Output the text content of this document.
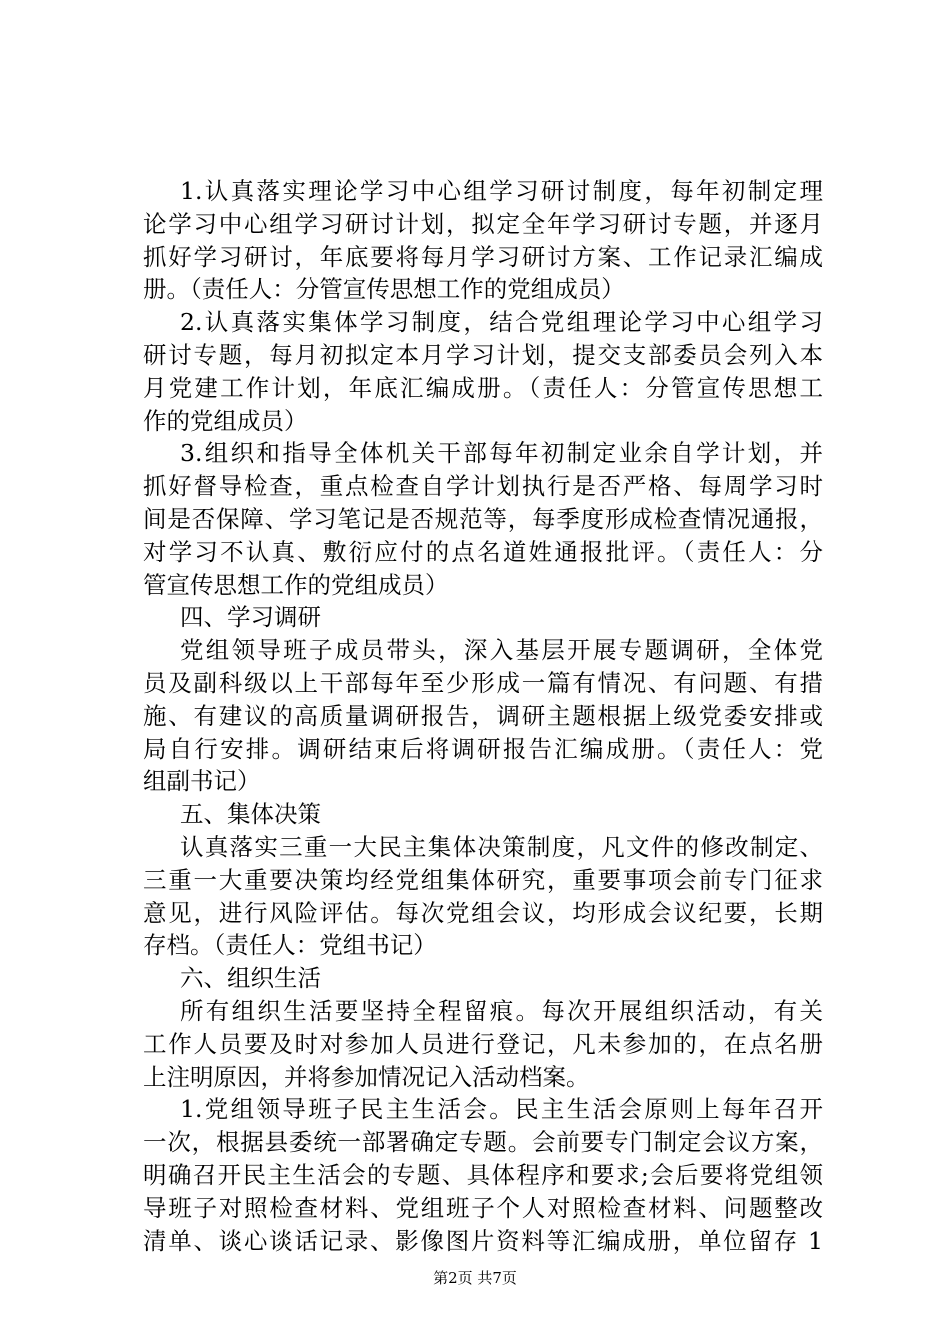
1.认真落实理论学习中心组学习研讨制度，每年初制定理
论学习中心组学习研讨计划，拟定全年学习研讨专题，并逐月
抓好学习研讨，年底要将每月学习研讨方案、工作记录汇编成
册。（责任人：分管宣传思想工作的党组成员）
2.认真落实集体学习制度，结合党组理论学习中心组学习
研讨专题，每月初拟定本月学习计划，提交支部委员会列入本
月党建工作计划，年底汇编成册。（责任人：分管宣传思想工
作的党组成员）
3.组织和指导全体机关干部每年初制定业余自学计划，并
抓好督导检查，重点检查自学计划执行是否严格、每周学习时
间是否保障、学习笔记是否规范等，每季度形成检查情况通报，
对学习不认真、敷衍应付的点名道姓通报批评。（责任人：分
管宣传思想工作的党组成员）
四、学习调研
党组领导班子成员带头，深入基层开展专题调研，全体党
员及副科级以上干部每年至少形成一篇有情况、有问题、有措
施、有建议的高质量调研报告，调研主题根据上级党委安排或
局自行安排。调研结束后将调研报告汇编成册。（责任人：党
组副书记）
五、集体决策
认真落实三重一大民主集体决策制度，凡文件的修改制定、
三重一大重要决策均经党组集体研究，重要事项会前专门征求
意见，进行风险评估。每次党组会议，均形成会议纪要，长期
存档。（责任人：党组书记）
六、组织生活
所有组织生活要坚持全程留痕。每次开展组织活动，有关
工作人员要及时对参加人员进行登记，凡未参加的，在点名册
上注明原因，并将参加情况记入活动档案。
1.党组领导班子民主生活会。民主生活会原则上每年召开
一次，根据县委统一部署确定专题。会前要专门制定会议方案，
明确召开民主生活会的专题、具体程序和要求;会后要将党组领
导班子对照检查材料、党组班子个人对照检查材料、问题整改
清单、谈心谈话记录、影像图片资料等汇编成册，单位留存 1
第2页 共7页
